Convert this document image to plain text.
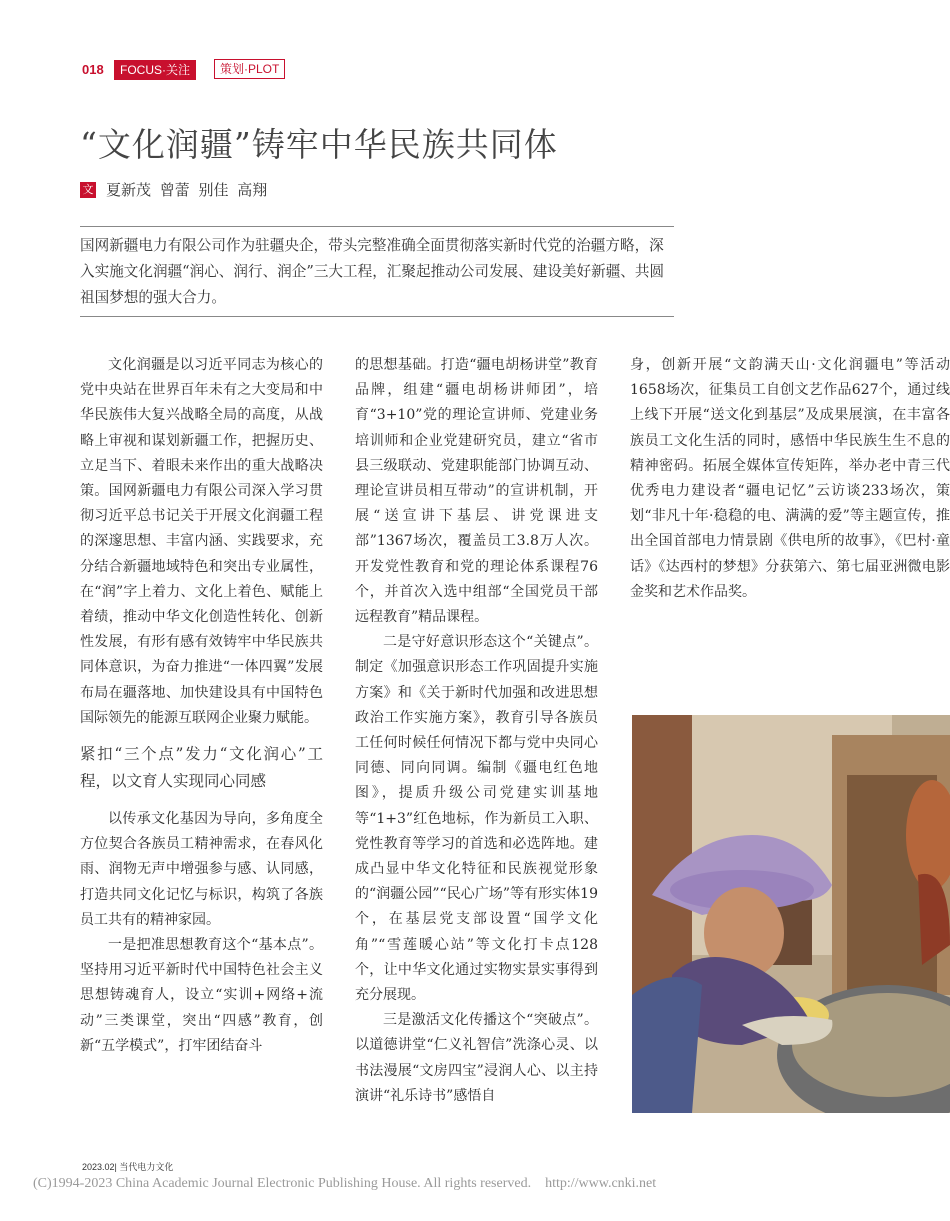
018	FOCUS·关注	策划·PLOT
“文化润疆”铸牢中华民族共同体
文 夏新茂 曾蕾 别佳 高翔

国网新疆电力有限公司作为驻疆央企，带头完整准确全面贯彻落实新时代党的治疆方略，深入实施文化润疆“润心、润行、润企”三大工程，汇聚起推动公司发展、建设美好新疆、共圆祖国梦想的强大合力。

文化润疆是以习近平同志为核心的党中央站在世界百年未有之大变局和中华民族伟大复兴战略全局的高度，从战略上审视和谋划新疆工作，把握历史、立足当下、着眼未来作出的重大战略决策。国网新疆电力有限公司深入学习贯彻习近平总书记关于开展文化润疆工程的深邃思想、丰富内涵、实践要求，充分结合新疆地域特色和突出专业属性，在“润”字上着力、文化上着色、赋能上着绩，推动中华文化创造性转化、创新性发展，有形有感有效铸牢中华民族共同体意识，为奋力推进“一体四翼”发展布局在疆落地、加快建设具有中国特色国际领先的能源互联网企业聚力赋能。

紧扣“三个点”发力“文化润心”工程，以文育人实现同心同感

以传承文化基因为导向，多角度全方位契合各族员工精神需求，在春风化雨、润物无声中增强参与感、认同感，打造共同文化记忆与标识，构筑了各族员工共有的精神家园。

一是把准思想教育这个“基本点”。坚持用习近平新时代中国特色社会主义思想铸魂育人，设立“实训+网络+流动”三类课堂，突出“四感”教育，创新“五学模式”，打牢团结奋斗

的思想基础。打造“疆电胡杨讲堂”教育品牌，组建“疆电胡杨讲师团”，培育“3+10”党的理论宣讲师、党建业务培训师和企业党建研究员，建立“省市县三级联动、党建职能部门协调互动、理论宣讲员相互带动”的宣讲机制，开展“送宣讲下基层、讲党课进支部”1367场次，覆盖员工3.8万人次。开发党性教育和党的理论体系课程76个，并首次入选中组部“全国党员干部远程教育”精品课程。

二是守好意识形态这个“关键点”。制定《加强意识形态工作巩固提升实施方案》和《关于新时代加强和改进思想政治工作实施方案》，教育引导各族员工任何时候任何情况下都与党中央同心同德、同向同调。编制《疆电红色地图》，提质升级公司党建实训基地等“1+3”红色地标，作为新员工入职、党性教育等学习的首选和必选阵地。建成凸显中华文化特征和民族视觉形象的“润疆公园”“民心广场”等有形实体19个，在基层党支部设置“国学文化角”“雪莲暖心站”等文化打卡点128个，让中华文化通过实物实景实事得到充分展现。

三是激活文化传播这个“突破点”。以道德讲堂“仁义礼智信”洗涤心灵、以书法漫展“文房四宝”浸润人心、以主持演讲“礼乐诗书”感悟自

身，创新开展“文韵满天山·文化润疆电”等活动1658场次，征集员工自创文艺作品627个，通过线上线下开展“送文化到基层”及成果展演，在丰富各族员工文化生活的同时，感悟中华民族生生不息的精神密码。拓展全媒体宣传矩阵，举办老中青三代优秀电力建设者“疆电记忆”云访谈233场次，策划“非凡十年·稳稳的电、满满的爱”等主题宣传，推出全国首部电力情景剧《供电所的故事》，《巴村·童话》《达西村的梦想》分获第六、第七届亚洲微电影金奖和艺术作品奖。

2023.02| 当代电力文化
(C)1994-2023 China Academic Journal Electronic Publishing House. All rights reserved.    http://www.cnki.net
